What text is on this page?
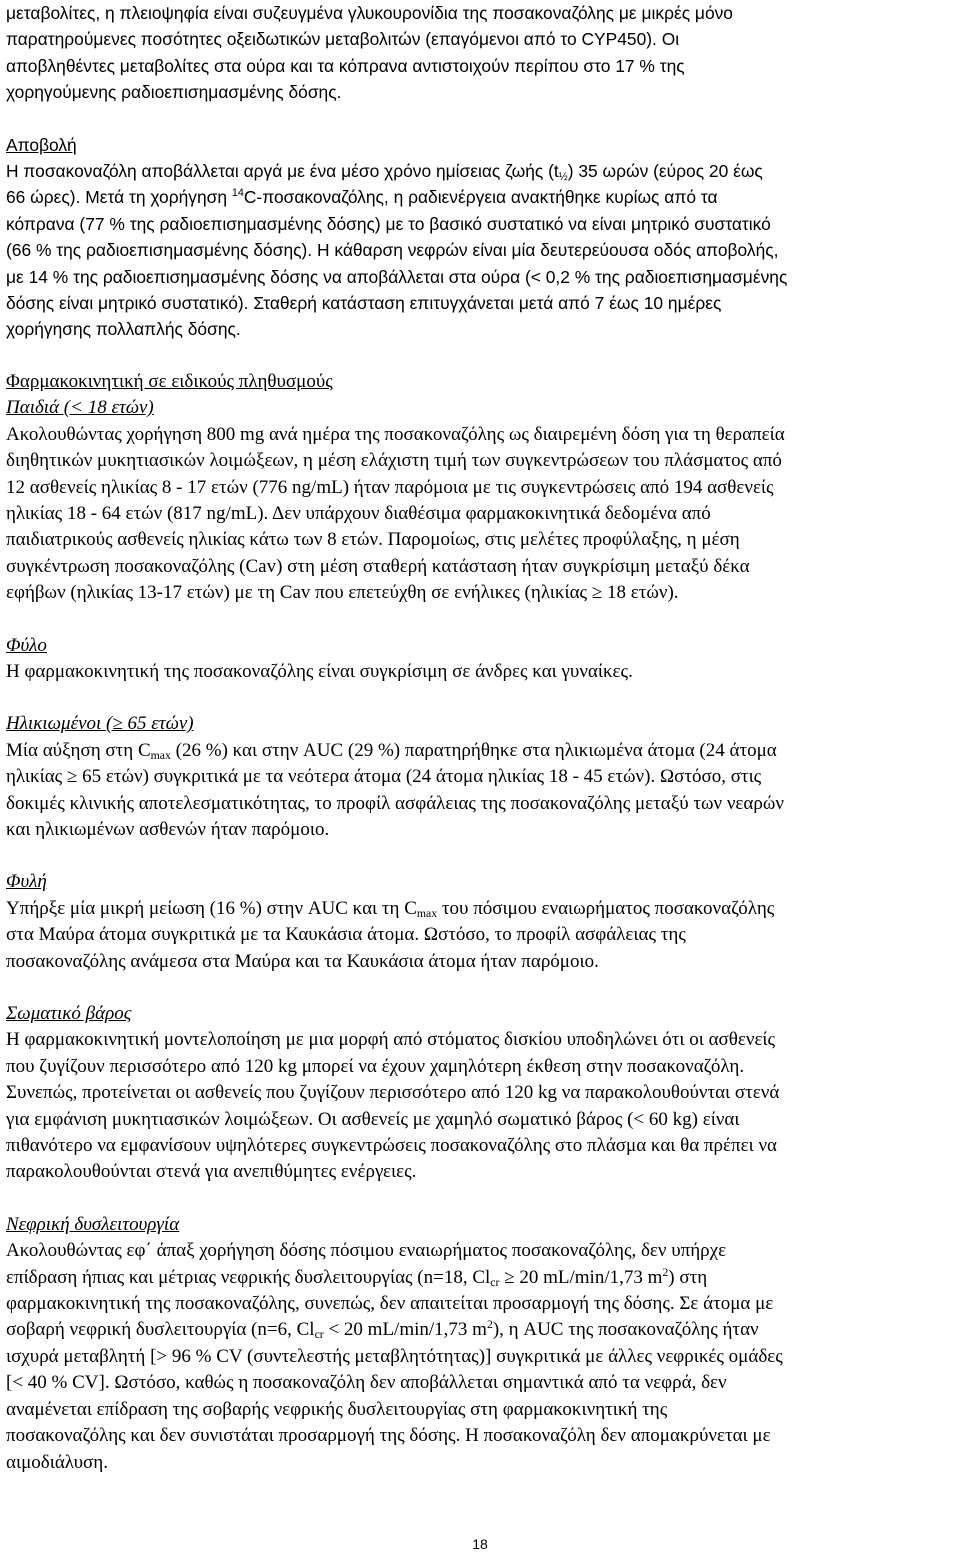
μεταβολίτες, η πλειοψηφία είναι συζευγμένα γλυκουρονίδια της ποσακοναζόλης με μικρές μόνο

παρατηρούμενες ποσότητες οξειδωτικών μεταβολιτών (επαγόμενοι από το CYP450). Οι

αποβληθέντες μεταβολίτες στα ούρα και τα κόπρανα αντιστοιχούν περίπου στο 17 % της

χορηγούμενης ραδιοεπισημασμένης δόσης.

Αποβολή

Η ποσακοναζόλη αποβάλλεται αργά με ένα μέσο χρόνο ημίσειας ζωής $(t_{\frac{1}{2}})$ 35 ωρών (εύρος 20 έως

66 ώρες). Μετά τη χορήγηση $^{14}$C-ποσακοναζόλης, η ραδιενέργεια ανακτήθηκε κυρίως από τα

κόπρανα (77 % της ραδιοεπισημασμένης δόσης) με το βασικό συστατικό να είναι μητρικό συστατικό

(66 % της ραδιοεπισημασμένης δόσης). Η κάθαρση νεφρών είναι μία δευτερεύουσα οδός αποβολής,

με 14 % της ραδιοεπισημασμένης δόσης να αποβάλλεται στα ούρα (< 0,2 % της ραδιοεπισημασμένης

δόσης είναι μητρικό συστατικό). Σταθερή κατάσταση επιτυγχάνεται μετά από 7 έως 10 ημέρες

χορήγησης πολλαπλής δόσης.

Φαρμακοκινητική σε ειδικούς πληθυσμούς

Παιδιά (< 18 ετών)

Ακολουθώντας χορήγηση 800 mg ανά ημέρα της ποσακοναζόλης ως διαιρεμένη δόση για τη θεραπεία

διηθητικών μυκητιασικών λοιμώξεων, η μέση ελάχιστη τιμή των συγκεντρώσεων του πλάσματος από

12 ασθενείς ηλικίας 8 - 17 ετών (776 ng/mL) ήταν παρόμοια με τις συγκεντρώσεις από 194 ασθενείς

ηλικίας 18 - 64 ετών (817 ng/mL). Δεν υπάρχουν διαθέσιμα φαρμακοκινητικά δεδομένα από

παιδιατρικούς ασθενείς ηλικίας κάτω των 8 ετών. Παρομοίως, στις μελέτες προφύλαξης, η μέση

συγκέντρωση ποσακοναζόλης (Cav) στη μέση σταθερή κατάσταση ήταν συγκρίσιμη μεταξύ δέκα

εφήβων (ηλικίας 13-17 ετών) με τη Cav που επετεύχθη σε ενήλικες (ηλικίας ≥ 18 ετών).

Φύλο

Η φαρμακοκινητική της ποσακοναζόλης είναι συγκρίσιμη σε άνδρες και γυναίκες.

Ηλικιωμένοι (≥ 65 ετών)

Μία αύξηση στη $C_{max}$ (26 %) και στην AUC (29 %) παρατηρήθηκε στα ηλικιωμένα άτομα (24 άτομα

ηλικίας ≥ 65 ετών) συγκριτικά με τα νεότερα άτομα (24 άτομα ηλικίας 18 - 45 ετών). Ωστόσο, στις

δοκιμές κλινικής αποτελεσματικότητας, το προφίλ ασφάλειας της ποσακοναζόλης μεταξύ των νεαρών

και ηλικιωμένων ασθενών ήταν παρόμοιο.

Φυλή

Υπήρξε μία μικρή μείωση (16 %) στην AUC και τη $C_{max}$ του πόσιμου εναιωρήματος ποσακοναζόλης

στα Μαύρα άτομα συγκριτικά με τα Καυκάσια άτομα. Ωστόσο, το προφίλ ασφάλειας της

ποσακοναζόλης ανάμεσα στα Μαύρα και τα Καυκάσια άτομα ήταν παρόμοιο.

Σωματικό βάρος

Η φαρμακοκινητική μοντελοποίηση με μια μορφή από στόματος δισκίου υποδηλώνει ότι οι ασθενείς

που ζυγίζουν περισσότερο από 120 kg μπορεί να έχουν χαμηλότερη έκθεση στην ποσακοναζόλη.

Συνεπώς, προτείνεται οι ασθενείς που ζυγίζουν περισσότερο από 120 kg να παρακολουθούνται στενά

για εμφάνιση μυκητιασικών λοιμώξεων. Οι ασθενείς με χαμηλό σωματικό βάρος (< 60 kg) είναι

πιθανότερο να εμφανίσουν υψηλότερες συγκεντρώσεις ποσακοναζόλης στο πλάσμα και θα πρέπει να

παρακολουθούνται στενά για ανεπιθύμητες ενέργειες.

Νεφρική δυσλειτουργία

Ακολουθώντας εφ΄ άπαξ χορήγηση δόσης πόσιμου εναιωρήματος ποσακοναζόλης, δεν υπήρχε

επίδραση ήπιας και μέτριας νεφρικής δυσλειτουργίας (n=18, $Cl_{cr} \ge 20$ mL/min/1,73 $m^2$) στη

φαρμακοκινητική της ποσακοναζόλης, συνεπώς, δεν απαιτείται προσαρμογή της δόσης. Σε άτομα με

σοβαρή νεφρική δυσλειτουργία (n=6, $Cl_{cr} < 20$ mL/min/1,73 $m^2$), η AUC της ποσακοναζόλης ήταν

ισχυρά μεταβλητή [> 96 % CV (συντελεστής μεταβλητότητας)] συγκριτικά με άλλες νεφρικές ομάδες

[< 40 % CV]. Ωστόσο, καθώς η ποσακοναζόλη δεν αποβάλλεται σημαντικά από τα νεφρά, δεν

αναμένεται επίδραση της σοβαρής νεφρικής δυσλειτουργίας στη φαρμακοκινητική της

ποσακοναζόλης και δεν συνιστάται προσαρμογή της δόσης. Η ποσακοναζόλη δεν απομακρύνεται με

αιμοδιάλυση.

18
